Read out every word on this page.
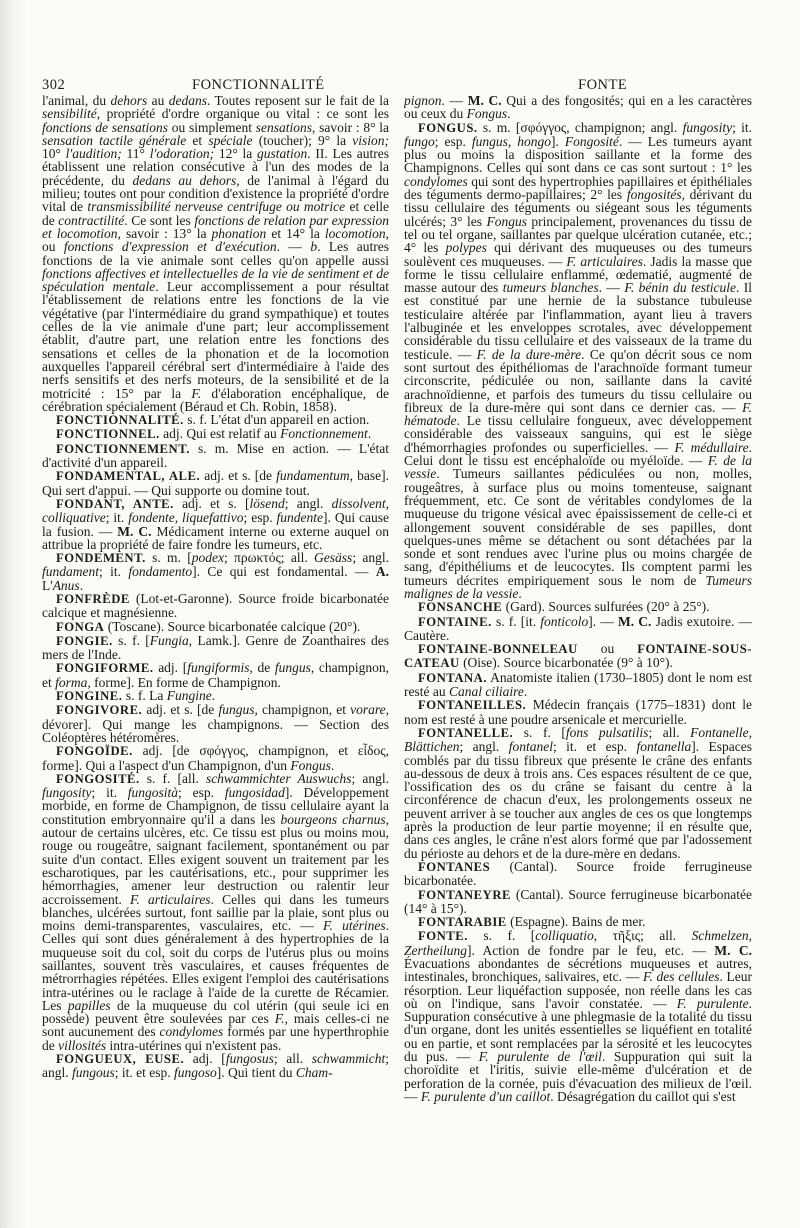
302	FONCTIONNALITÉ	FONTE

l'animal, du dehors au dedans. Toutes reposent sur le fait de la sensibilité, propriété d'ordre organique ou vital : ce sont les fonctions de sensations ou simplement sensations, savoir : 8° la sensation tactile générale et spéciale (toucher); 9° la vision; 10° l'audition; 11° l'odoration; 12° la gustation. II. Les autres établissent une relation consécutive à l'un des modes de la précédente, du dedans au dehors, de l'animal à l'égard du milieu; toutes ont pour condition d'existence la propriété d'ordre vital de transmissibilité nerveuse centrifuge ou motrice et celle de contractilité. Ce sont les fonctions de relation par expression et locomotion, savoir : 13° la phonation et 14° la locomotion, ou fonctions d'expression et d'exécution. — b. Les autres fonctions de la vie animale sont celles qu'on appelle aussi fonctions affectives et intellectuelles de la vie de sentiment et de spéculation mentale. Leur accomplissement a pour résultat l'établissement de relations entre les fonctions de la vie végétative (par l'intermédiaire du grand sympathique) et toutes celles de la vie animale d'une part; leur accomplissement établit, d'autre part, une relation entre les fonctions des sensations et celles de la phonation et de la locomotion auxquelles l'appareil cérébral sert d'intermédiaire à l'aide des nerfs sensitifs et des nerfs moteurs, de la sensibilité et de la motricité : 15° par la F. d'élaboration encéphalique, de cérébration spécialement (Béraud et Ch. Robin, 1858).

FONCTIONNALITÉ. s. f. L'état d'un appareil en action.

FONCTIONNEL. adj. Qui est relatif au Fonctionnement.

FONCTIONNEMENT. s. m. Mise en action. — L'état d'activité d'un appareil.

FONDAMENTAL, ALE. adj. et s. [de fundamentum, base]. Qui sert d'appui. — Qui supporte ou domine tout.

FONDANT, ANTE. adj. et s. [lösend; angl. dissolvent, colliquative; it. fondente, liquefattivo; esp. fundente]. Qui cause la fusion. — M. C. Médicament interne ou externe auquel on attribue la propriété de faire fondre les tumeurs, etc.

FONDEMENT. s. m. [podex; πρωκτός; all. Gesäss; angl. fundament; it. fondamento]. Ce qui est fondamental. — A. L'Anus.

FONFRÈDE (Lot-et-Garonne). Source froide bicarbonatée calcique et magnésienne.

FONGA (Toscane). Source bicarbonatée calcique (20°).

FONGIE. s. f. [Fungia, Lamk.]. Genre de Zoanthaires des mers de l'Inde.

FONGIFORME. adj. [fungiformis, de fungus, champignon, et forma, forme]. En forme de Champignon.

FONGINE. s. f. La Fungine.

FONGIVORE. adj. et s. [de fungus, champignon, et vorare, dévorer]. Qui mange les champignons. — Section des Coléoptères hétéromères.

FONGOÏDE. adj. [de σφόγγος, champignon, et εἶδος, forme]. Qui a l'aspect d'un Champignon, d'un Fongus.

FONGOSITÉ. s. f. [all. schwammichter Auswuchs; angl. fungosity; it. fungosità; esp. fungosidad]. Développement morbide, en forme de Champignon, de tissu cellulaire ayant la constitution embryonnaire qu'il a dans les bourgeons charnus, autour de certains ulcères, etc. Ce tissu est plus ou moins mou, rouge ou rougeâtre, saignant facilement, spontanément ou par suite d'un contact. Elles exigent souvent un traitement par les escharotiques, par les cautérisations, etc., pour supprimer les hémorrhagies, amener leur destruction ou ralentir leur accroissement. F. articulaires. Celles qui dans les tumeurs blanches, ulcérées surtout, font saillie par la plaie, sont plus ou moins demi-transparentes, vasculaires, etc. — F. utérines. Celles qui sont dues généralement à des hypertrophies de la muqueuse soit du col, soit du corps de l'utérus plus ou moins saillantes, souvent très vasculaires, et causes fréquentes de métrorrhagies répétées. Elles exigent l'emploi des cautérisations intra-utérines ou le raclage à l'aide de la curette de Récamier. Les papilles de la muqueuse du col utérin (qui seule ici en possède) peuvent être soulevées par ces F., mais celles-ci ne sont aucunement des condylomes formés par une hyperthrophie de villosités intra-utérines qui n'existent pas.

FONGUEUX, EUSE. adj. [fungosus; all. schwammicht; angl. fungous; it. et esp. fungoso]. Qui tient du Cham-

pignon. — M. C. Qui a des fongosités; qui en a les caractères ou ceux du Fongus.

FONGUS. s. m. [σφόγγος, champignon; angl. fungosity; it. fungo; esp. fungus, hongo]. Fongosité. — Les tumeurs ayant plus ou moins la disposition saillante et la forme des Champignons. Celles qui sont dans ce cas sont surtout : 1° les condylomes qui sont des hypertrophies papillaires et épithéliales des téguments dermo-papillaires; 2° les fongosités, dérivant du tissu cellulaire des téguments ou siégeant sous les téguments ulcérés; 3° les Fongus principalement, provenances du tissu de tel ou tel organe, saillantes par quelque ulcération cutanée, etc.; 4° les polypes qui dérivant des muqueuses ou des tumeurs soulèvent ces muqueuses. — F. articulaires. Jadis la masse que forme le tissu cellulaire enflammé, œdematié, augmenté de masse autour des tumeurs blanches. — F. bénin du testicule. Il est constitué par une hernie de la substance tubuleuse testiculaire altérée par l'inflammation, ayant lieu à travers l'albuginée et les enveloppes scrotales, avec développement considérable du tissu cellulaire et des vaisseaux de la trame du testicule. — F. de la dure-mère. Ce qu'on décrit sous ce nom sont surtout des épithéliomas de l'arachnoïde formant tumeur circonscrite, pédiculée ou non, saillante dans la cavité arachnoïdienne, et parfois des tumeurs du tissu cellulaire ou fibreux de la dure-mère qui sont dans ce dernier cas. — F. hématode. Le tissu cellulaire fongueux, avec développement considérable des vaisseaux sanguins, qui est le siège d'hémorrhagies profondes ou superficielles. — F. médullaire. Celui dont le tissu est encéphaloïde ou myéloïde. — F. de la vessie. Tumeurs saillantes pédiculées ou non, molles, rougeâtres, à surface plus ou moins tomenteuse, saignant fréquemment, etc. Ce sont de véritables condylomes de la muqueuse du trigone vésical avec épaississement de celle-ci et allongement souvent considérable de ses papilles, dont quelques-unes même se détachent ou sont détachées par la sonde et sont rendues avec l'urine plus ou moins chargée de sang, d'épithéliums et de leucocytes. Ils comptent parmi les tumeurs décrites empiriquement sous le nom de Tumeurs malignes de la vessie.

FONSANCHE (Gard). Sources sulfurées (20° à 25°).

FONTAINE. s. f. [it. fonticolo]. — M. C. Jadis exutoire. — Cautère.

FONTAINE-BONNELEAU ou FONTAINE-SOUS-CATEAU (Oise). Source bicarbonatée (9° à 10°).

FONTANA. Anatomiste italien (1730–1805) dont le nom est resté au Canal ciliaire.

FONTANEILLES. Médecin français (1775–1831) dont le nom est resté à une poudre arsenicale et mercurielle.

FONTANELLE. s. f. [fons pulsatilis; all. Fontanelle, Blättichen; angl. fontanel; it. et esp. fontanella]. Espaces comblés par du tissu fibreux que présente le crâne des enfants au-dessous de deux à trois ans. Ces espaces résultent de ce que, l'ossification des os du crâne se faisant du centre à la circonférence de chacun d'eux, les prolongements osseux ne peuvent arriver à se toucher aux angles de ces os que longtemps après la production de leur partie moyenne; il en résulte que, dans ces angles, le crâne n'est alors formé que par l'adossement du périoste au dehors et de la dure-mère en dedans.

FONTANES (Cantal). Source froide ferrugineuse bicarbonatée.

FONTANEYRE (Cantal). Source ferrugineuse bicarbonatée (14° à 15°).

FONTARABIE (Espagne). Bains de mer.

FONTE. s. f. [colliquatio, τῆξις; all. Schmelzen, Zertheilung]. Action de fondre par le feu, etc. — M. C. Évacuations abondantes de sécrétions muqueuses et autres, intestinales, bronchiques, salivaires, etc. — F. des cellules. Leur résorption. Leur liquéfaction supposée, non réelle dans les cas où on l'indique, sans l'avoir constatée. — F. purulente. Suppuration consécutive à une phlegmasie de la totalité du tissu d'un organe, dont les unités essentielles se liquéfient en totalité ou en partie, et sont remplacées par la sérosité et les leucocytes du pus. — F. purulente de l'œil. Suppuration qui suit la choroïdite et l'iritis, suivie elle-même d'ulcération et de perforation de la cornée, puis d'évacuation des milieux de l'œil. — F. purulente d'un caillot. Désagrégation du caillot qui s'est
